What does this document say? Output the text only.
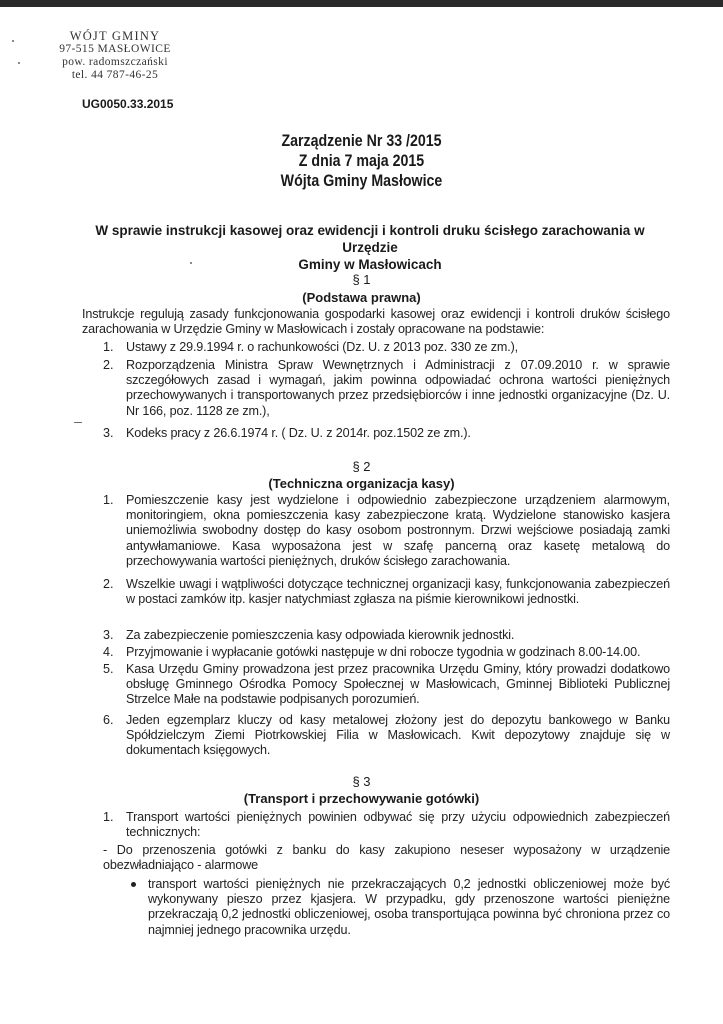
WÓJT GMINY
97-515 MASŁOWICE
pow. radomszczański
tel. 44 787-46-25
UG0050.33.2015
Zarządzenie Nr 33 /2015
Z dnia 7 maja 2015
Wójta Gminy Masłowice
W sprawie instrukcji kasowej oraz ewidencji i kontroli druku ścisłego zarachowania w Urzędzie
Gminy w Masłowicach
§ 1
(Podstawa prawna)
Instrukcje regulują zasady funkcjonowania gospodarki kasowej oraz ewidencji i kontroli druków ścisłego zarachowania w Urzędzie Gminy w Masłowicach i zostały opracowane na podstawie:
1. Ustawy z 29.9.1994 r. o rachunkowości (Dz. U. z 2013 poz. 330 ze zm.),
2. Rozporządzenia Ministra Spraw Wewnętrznych i Administracji z 07.09.2010 r. w sprawie szczegółowych zasad i wymagań, jakim powinna odpowiadać ochrona wartości pieniężnych przechowywanych i transportowanych przez przedsiębiorców i inne jednostki organizacyjne (Dz. U. Nr 166, poz. 1128 ze zm.),
3. Kodeks pracy z 26.6.1974 r. ( Dz. U. z 2014r. poz.1502 ze zm.).
§ 2
(Techniczna organizacja kasy)
1. Pomieszczenie kasy jest wydzielone i odpowiednio zabezpieczone urządzeniem alarmowym, monitoringiem, okna pomieszczenia kasy zabezpieczone kratą. Wydzielone stanowisko kasjera uniemożliwia swobodny dostęp do kasy osobom postronnym. Drzwi wejściowe posiadają zamki antywłamaniowe. Kasa wyposażona jest w szafę pancerną oraz kasetę metalową do przechowywania wartości pieniężnych, druków ścisłego zarachowania.
2. Wszelkie uwagi i wątpliwości dotyczące technicznej organizacji kasy, funkcjonowania zabezpieczeń w postaci zamków itp. kasjer natychmiast zgłasza na piśmie kierownikowi jednostki.
3. Za zabezpieczenie pomieszczenia kasy odpowiada kierownik jednostki.
4. Przyjmowanie i wypłacanie gotówki następuje w dni robocze tygodnia w godzinach 8.00-14.00.
5. Kasa Urzędu Gminy prowadzona jest przez pracownika Urzędu Gminy, który prowadzi dodatkowo obsługę Gminnego Ośrodka Pomocy Społecznej w Masłowicach, Gminnej Biblioteki Publicznej Strzelce Małe na podstawie podpisanych porozumień.
6. Jeden egzemplarz kluczy od kasy metalowej złożony jest do depozytu bankowego w Banku Spółdzielczym Ziemi Piotrkowskiej Filia w Masłowicach. Kwit depozytowy znajduje się w dokumentach księgowych.
§ 3
(Transport i przechowywanie gotówki)
1. Transport wartości pieniężnych powinien odbywać się przy użyciu odpowiednich zabezpieczeń technicznych:
- Do przenoszenia gotówki z banku do kasy zakupiono neseser wyposażony w urządzenie obezwładniająco - alarmowe
transport wartości pieniężnych nie przekraczających 0,2 jednostki obliczeniowej może być wykonywany pieszo przez kjasjera. W przypadku, gdy przenoszone wartości pieniężne przekraczają 0,2 jednostki obliczeniowej, osoba transportująca powinna być chroniona przez co najmniej jednego pracownika urzędu.
